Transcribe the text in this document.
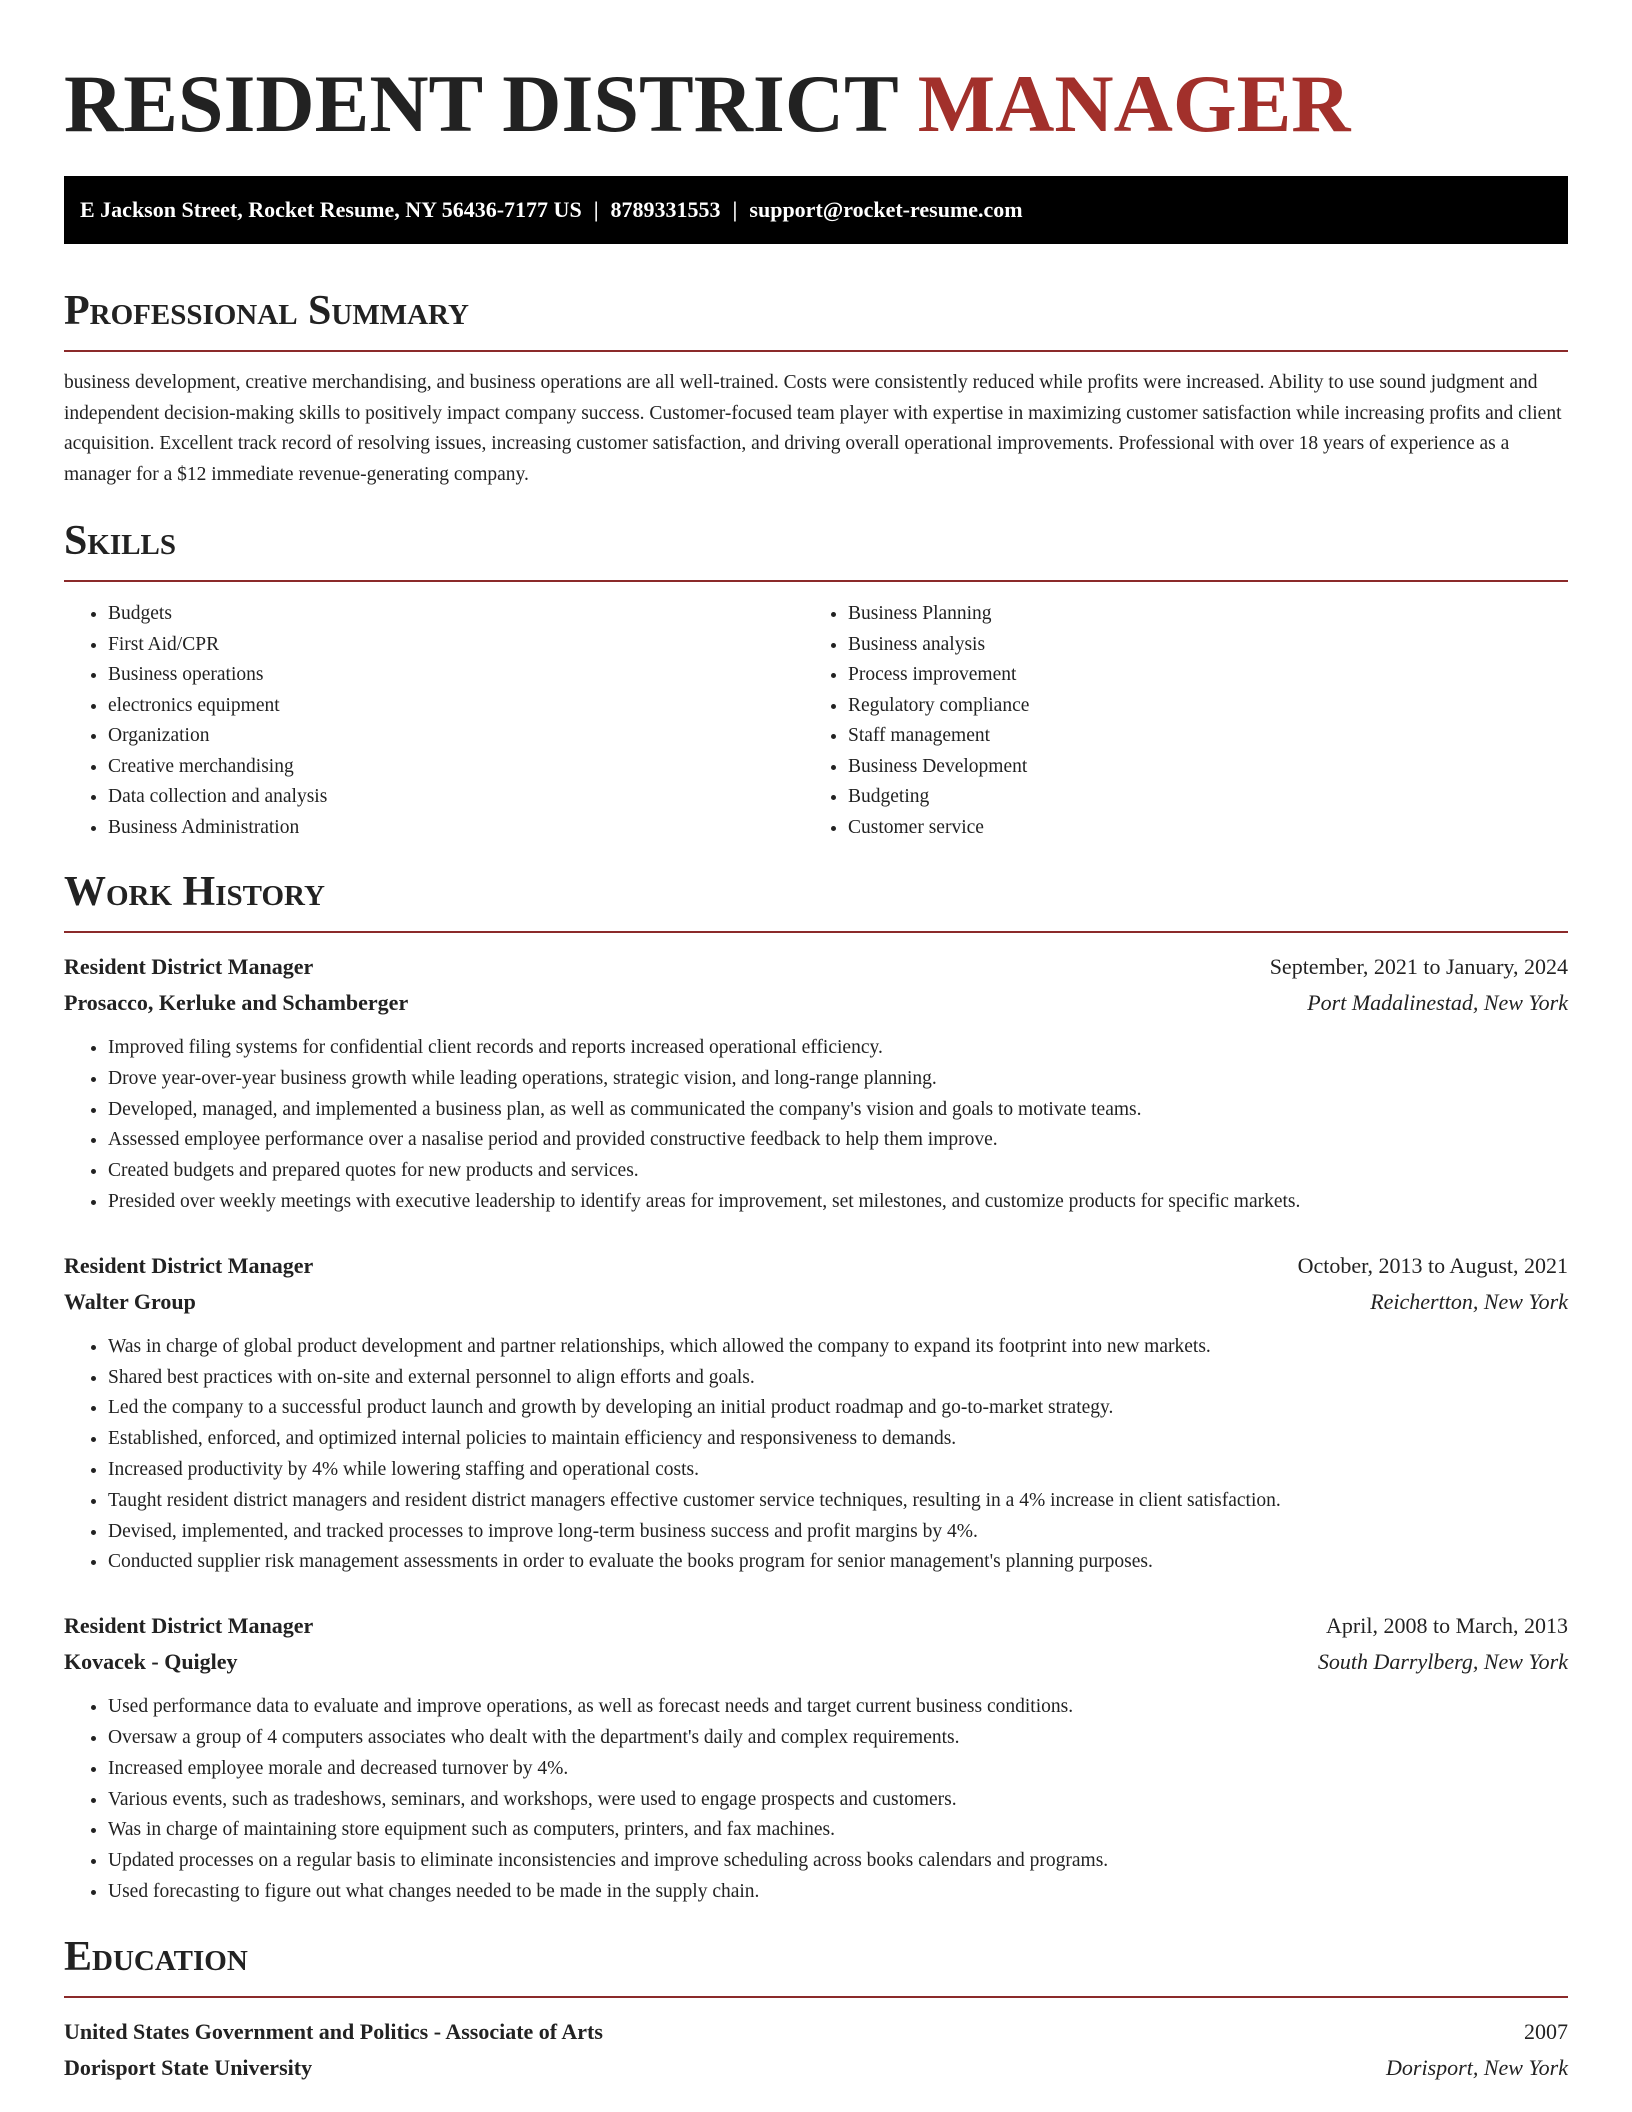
RESIDENT DISTRICT MANAGER
E Jackson Street, Rocket Resume, NY 56436-7177 US | 8789331553 | support@rocket-resume.com
Professional Summary

business development, creative merchandising, and business operations are all well-trained. Costs were consistently reduced while profits were increased. Ability to use sound judgment and independent decision-making skills to positively impact company success. Customer-focused team player with expertise in maximizing customer satisfaction while increasing profits and client acquisition. Excellent track record of resolving issues, increasing customer satisfaction, and driving overall operational improvements. Professional with over 18 years of experience as a manager for a $12 immediate revenue-generating company.

Skills
• Budgets
• First Aid/CPR
• Business operations
• electronics equipment
• Organization
• Creative merchandising
• Data collection and analysis
• Business Administration
• Business Planning
• Business analysis
• Process improvement
• Regulatory compliance
• Staff management
• Business Development
• Budgeting
• Customer service
Work History
Resident District Manager	September, 2021 to January, 2024
Prosacco, Kerluke and Schamberger	Port Madalinestad, New York
• Improved filing systems for confidential client records and reports increased operational efficiency.
• Drove year-over-year business growth while leading operations, strategic vision, and long-range planning.
• Developed, managed, and implemented a business plan, as well as communicated the company's vision and goals to motivate teams.
• Assessed employee performance over a nasalise period and provided constructive feedback to help them improve.
• Created budgets and prepared quotes for new products and services.
• Presided over weekly meetings with executive leadership to identify areas for improvement, set milestones, and customize products for specific markets.
Resident District Manager	October, 2013 to August, 2021
Walter Group	Reichertton, New York
• Was in charge of global product development and partner relationships, which allowed the company to expand its footprint into new markets.
• Shared best practices with on-site and external personnel to align efforts and goals.
• Led the company to a successful product launch and growth by developing an initial product roadmap and go-to-market strategy.
• Established, enforced, and optimized internal policies to maintain efficiency and responsiveness to demands.
• Increased productivity by 4% while lowering staffing and operational costs.
• Taught resident district managers and resident district managers effective customer service techniques, resulting in a 4% increase in client satisfaction.
• Devised, implemented, and tracked processes to improve long-term business success and profit margins by 4%.
• Conducted supplier risk management assessments in order to evaluate the books program for senior management's planning purposes.
Resident District Manager	April, 2008 to March, 2013
Kovacek - Quigley	South Darrylberg, New York
• Used performance data to evaluate and improve operations, as well as forecast needs and target current business conditions.
• Oversaw a group of 4 computers associates who dealt with the department's daily and complex requirements.
• Increased employee morale and decreased turnover by 4%.
• Various events, such as tradeshows, seminars, and workshops, were used to engage prospects and customers.
• Was in charge of maintaining store equipment such as computers, printers, and fax machines.
• Updated processes on a regular basis to eliminate inconsistencies and improve scheduling across books calendars and programs.
• Used forecasting to figure out what changes needed to be made in the supply chain.
Education
United States Government and Politics - Associate of Arts	2007
Dorisport State University	Dorisport, New York
